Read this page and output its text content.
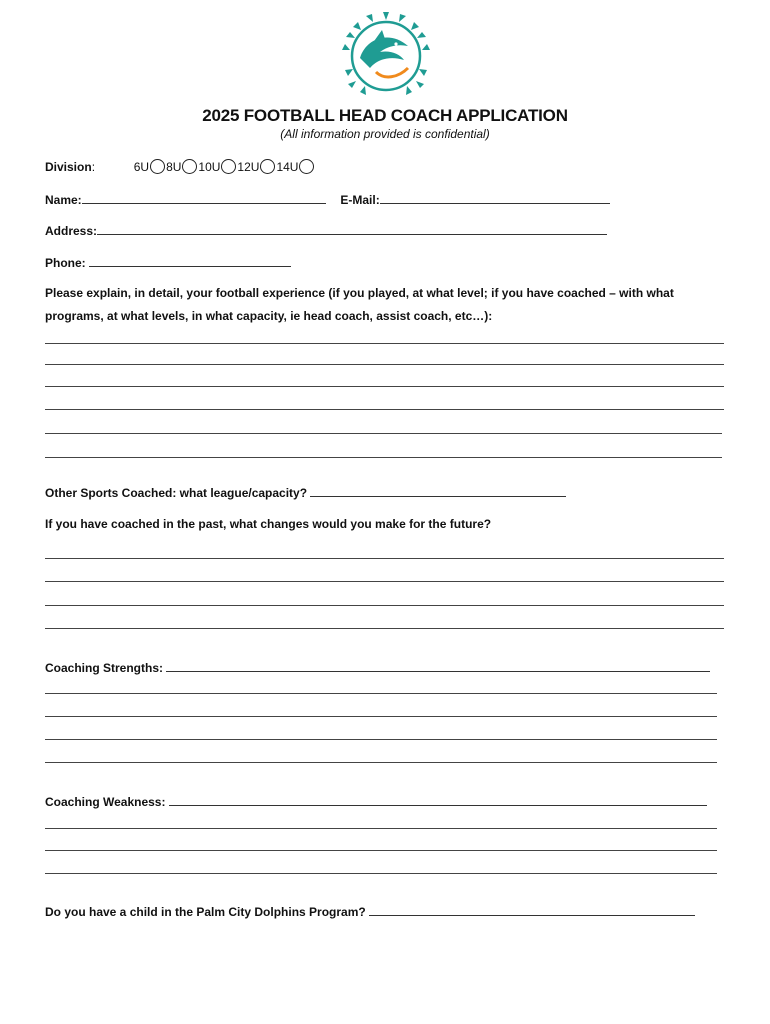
2025 FOOTBALL HEAD COACH APPLICATION
(All information provided is confidential)
Division:	6U 8U 10U 12U 14U
Name:	E-Mail:
Address:
Phone:
Please explain, in detail, your football experience (if you played, at what level; if you have coached – with what
programs, at what levels, in what capacity, ie head coach, assist coach, etc…):
Other Sports Coached: what league/capacity?
If you have coached in the past, what changes would you make for the future?
Coaching Strengths:
Coaching Weakness:
Do you have a child in the Palm City Dolphins Program?
